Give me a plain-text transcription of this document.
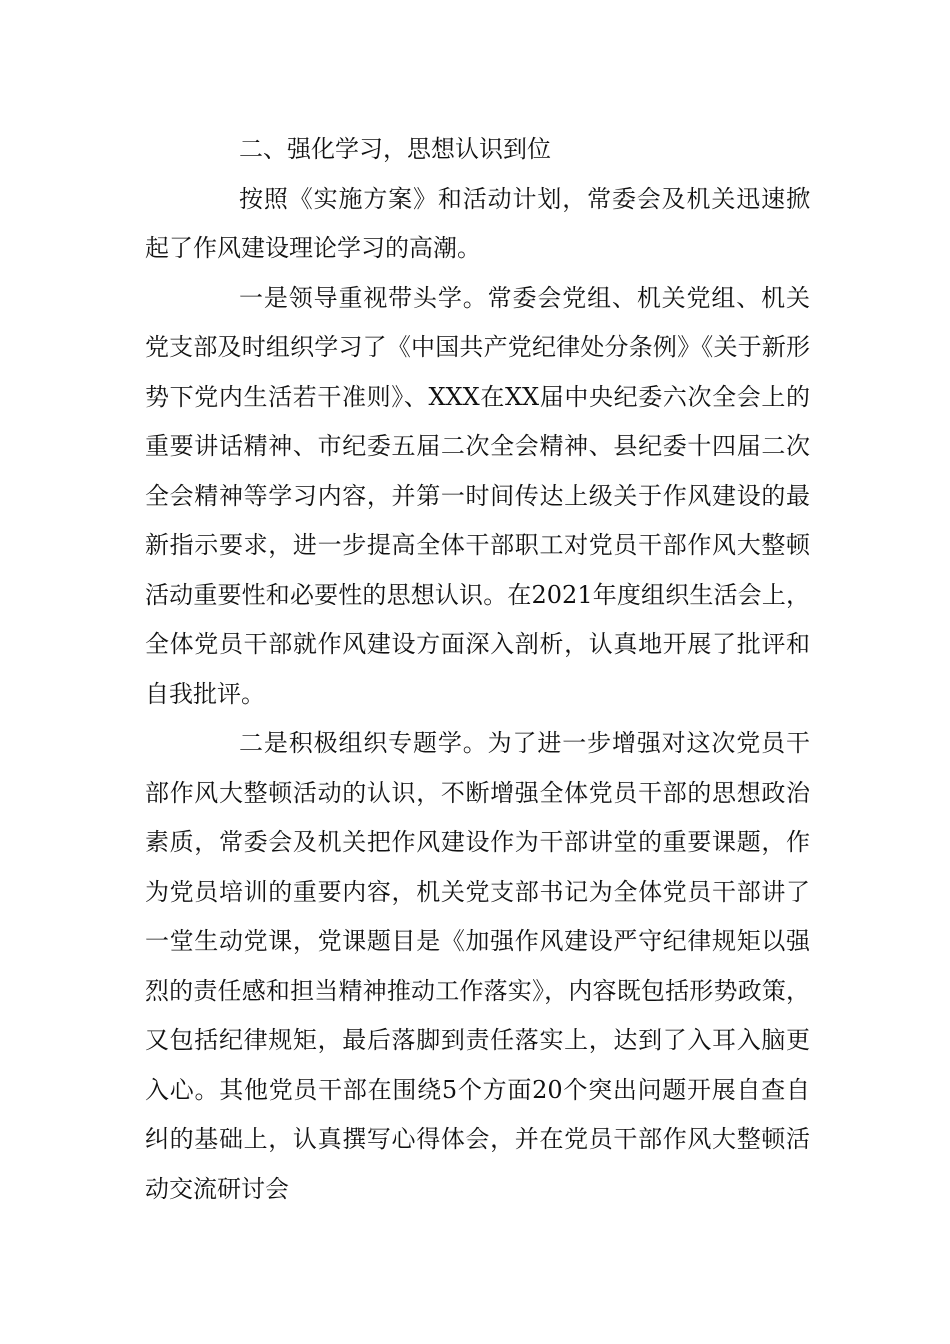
二、强化学习，思想认识到位

按照《实施方案》和活动计划，常委会及机关迅速掀起了作风建设理论学习的高潮。

一是领导重视带头学。常委会党组、机关党组、机关党支部及时组织学习了《中国共产党纪律处分条例》《关于新形势下党内生活若干准则》、XXX在XX届中央纪委六次全会上的重要讲话精神、市纪委五届二次全会精神、县纪委十四届二次全会精神等学习内容，并第一时间传达上级关于作风建设的最新指示要求，进一步提高全体干部职工对党员干部作风大整顿活动重要性和必要性的思想认识。在2021年度组织生活会上，全体党员干部就作风建设方面深入剖析，认真地开展了批评和自我批评。

二是积极组织专题学。为了进一步增强对这次党员干部作风大整顿活动的认识，不断增强全体党员干部的思想政治素质，常委会及机关把作风建设作为干部讲堂的重要课题，作为党员培训的重要内容，机关党支部书记为全体党员干部讲了一堂生动党课，党课题目是《加强作风建设严守纪律规矩以强烈的责任感和担当精神推动工作落实》，内容既包括形势政策，又包括纪律规矩，最后落脚到责任落实上，达到了入耳入脑更入心。其他党员干部在围绕5个方面20个突出问题开展自查自纠的基础上，认真撰写心得体会，并在党员干部作风大整顿活动交流研讨会
